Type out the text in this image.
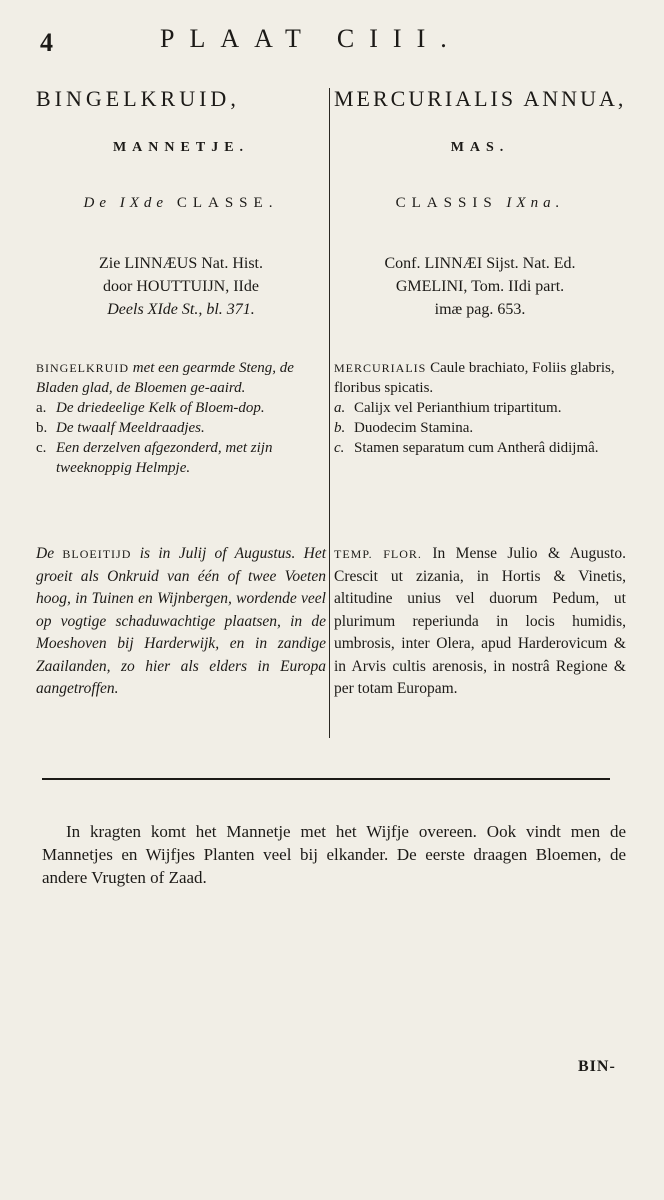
4	PLAAT CIII.
BINGELKRUID,
MANNETJE.
De IXde CLASSE.
Zie LINNÆUS Nat. Hist.
door HOUTTUIJN, IIde
Deels XIde St., bl. 371.

BINGELKRUID met een gearmde Steng, de Bladen glad, de Bloemen ge-aaird.

a. De driedeelige Kelk of Bloem-dop.
b. De twaalf Meeldraadjes.
c. Een derzelven afgezonderd, met zijn tweeknoppig Helmpje.
De BLOEITIJD is in Julij of Augustus. Het groeit als Onkruid van één of twee Voeten hoog, in Tuinen en Wijnbergen, wordende veel op vogtige schaduwachtige plaatsen, in de Moeshoven bij Harderwijk, en in zandige Zaailanden, zo hier als elders in Europa aangetroffen.
MERCURIALIS ANNUA,
MAS.
CLASSIS IXna.
Conf. LINNÆI Sijst. Nat. Ed.
GMELINI, Tom. IIdi part.
imæ pag. 653.

MERCURIALIS Caule brachiato, Foliis glabris, floribus spicatis.

a. Calijx vel Perianthium tripartitum.
b. Duodecim Stamina.
c. Stamen separatum cum Antherâ didijmâ.
TEMP. FLOR. In Mense Julio & Augusto. Crescit ut zizania, in Hortis & Vinetis, altitudine unius vel duorum Pedum, ut plurimum reperiunda in locis humidis, umbrosis, inter Olera, apud Harderovicum & in Arvis cultis arenosis, in nostrâ Regione & per totam Europam.
In kragten komt het Mannetje met het Wijfje overeen. Ook vindt men de Mannetjes en Wijfjes Planten veel bij elkander. De eerste draagen Bloemen, de andere Vrugten of Zaad.
BIN-
